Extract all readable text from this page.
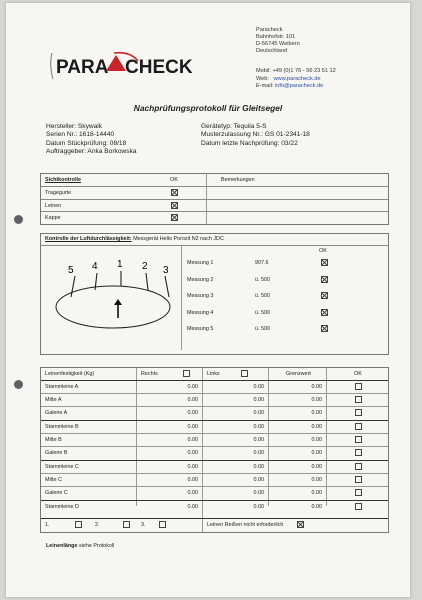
PARA CHECK
Paracheck
Bahnhofstr. 101
D-56745 Weibern
Deutschland
Mobil: +49 (0)1 76 - 56 23 51 12
Web: www.paracheck.de
E-mail: info@paracheck.de
Nachprüfungsprotokoll für Gleitsegel
Hersteller: Skywalk
Serien Nr.: 1618-14440
Datum Stückprüfung: 08/18
Auftraggeber: Anka Borkowska
Gerätetyp: Tequila 5-S
Musterzulassung Nr.: GS 01-2341-18
Datum letzte Nachprüfung: 03/22
Sichtkontrolle	OK	Bemerkungen
Tragegurte
Leinen
Kappe
Kontrolle der Luftdurchlässigkeit: Messgerät Hello Porozit N2 nach JDC
5 4 1 2 3
OK
Messung 1	907.6
Messung 2	ü. 500
Messung 3	ü. 500
Messung 4	ü. 500
Messung 5	ü. 500
Leinenfestigkeit (Kg)	Rechts	Links	Grenzwert	OK
Stammleine A	0.00	0.00	0.00
Mitte A	0.00	0.00	0.00
Galerie A	0.00	0.00	0.00
Stammleine B	0.00	0.00	0.00
Mitte B	0.00	0.00	0.00
Galerie B	0.00	0.00	0.00
Stammleine C	0.00	0.00	0.00
Mitte C	0.00	0.00	0.00
Galerie C	0.00	0.00	0.00
Stammleine D	0.00	0.00	0.00
1.	2.	3.	Leinen Reißen nicht erforderlich
Leinenlänge siehe Protokoll
